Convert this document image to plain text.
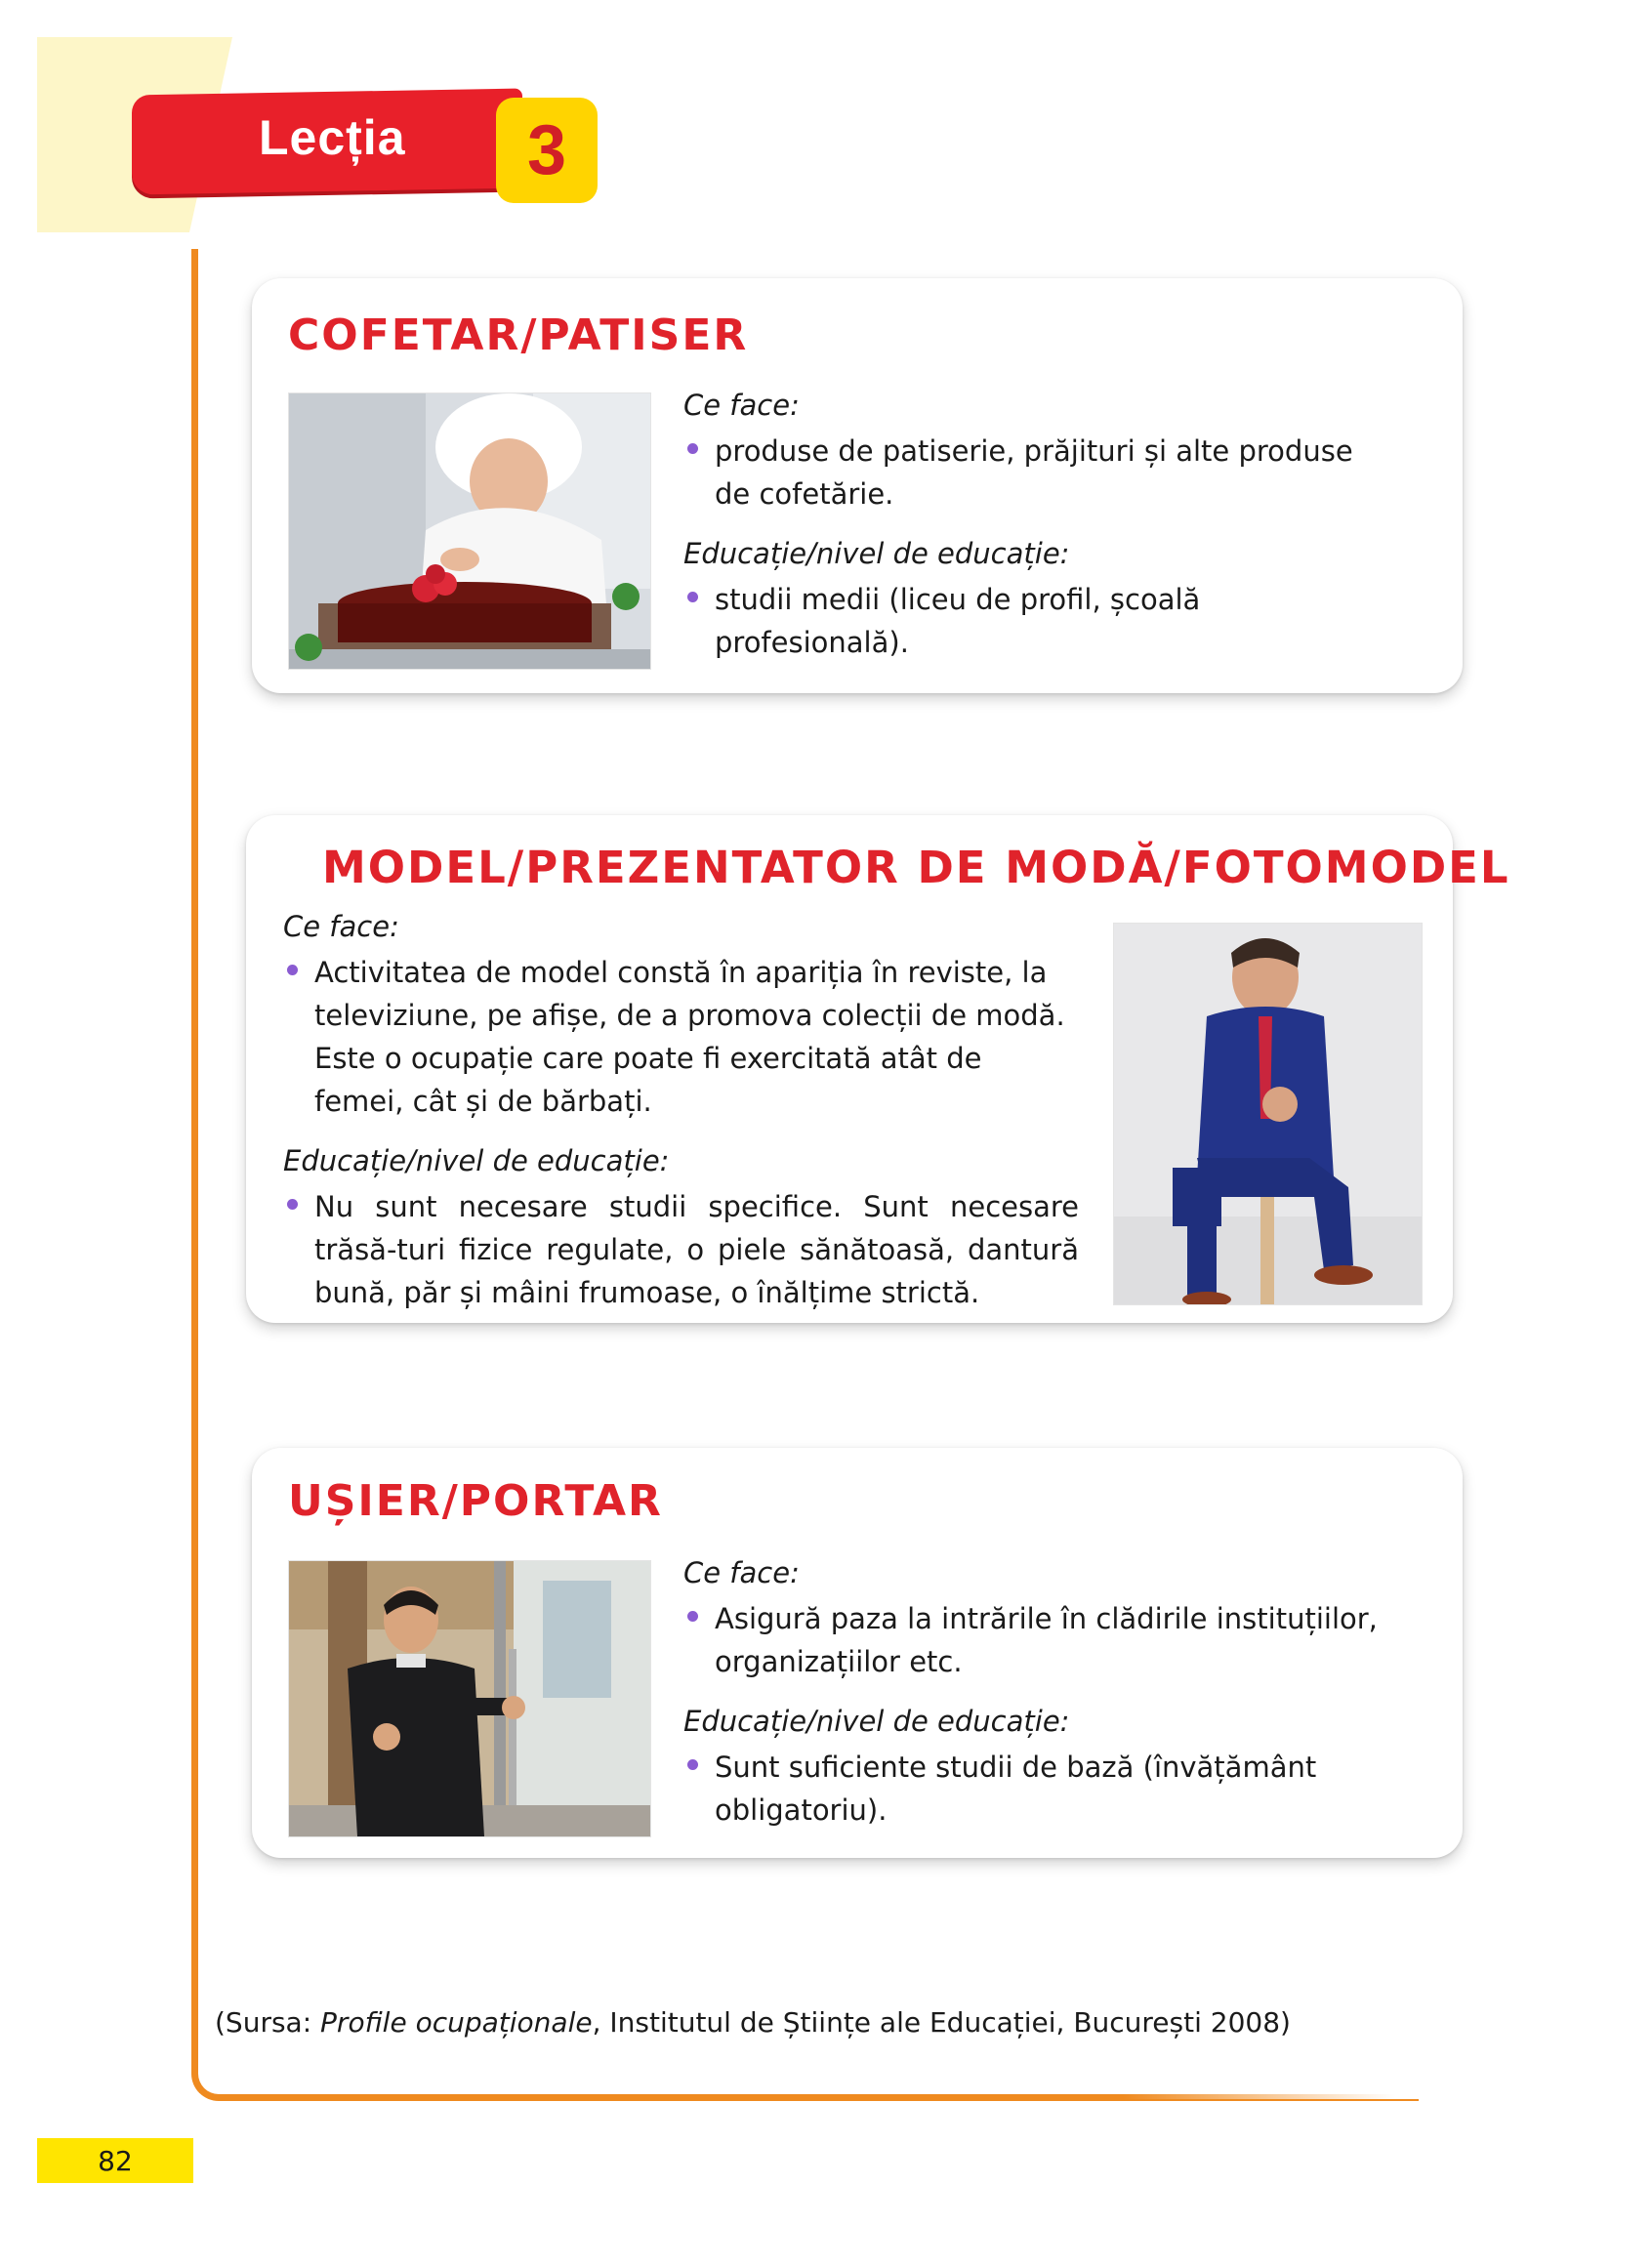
Lecția	3
COFETAR/PATISER
Ce face:
produse de patiserie, prăjituri și alte produse de cofetărie.
Educație/nivel de educație:
studii medii (liceu de profil, școală profesională).
MODEL/PREZENTATOR DE MODĂ/FOTOMODEL
Ce face:
Activitatea de model constă în apariția în reviste, la televiziune, pe afișe, de a promova colecții de modă. Este o ocupație care poate fi exercitată atât de femei, cât și de bărbați.
Educație/nivel de educație:
Nu sunt necesare studii specifice. Sunt necesare trăsă-turi fizice regulate, o piele sănătoasă, dantură bună, păr și mâini frumoase, o înălțime strictă.
UȘIER/PORTAR
Ce face:
Asigură paza la intrările în clădirile instituțiilor, organizațiilor etc.
Educație/nivel de educație:
Sunt suficiente studii de bază (învățământ obligatoriu).
(Sursa: Profile ocupaționale, Institutul de Științe ale Educației, București 2008)
82
